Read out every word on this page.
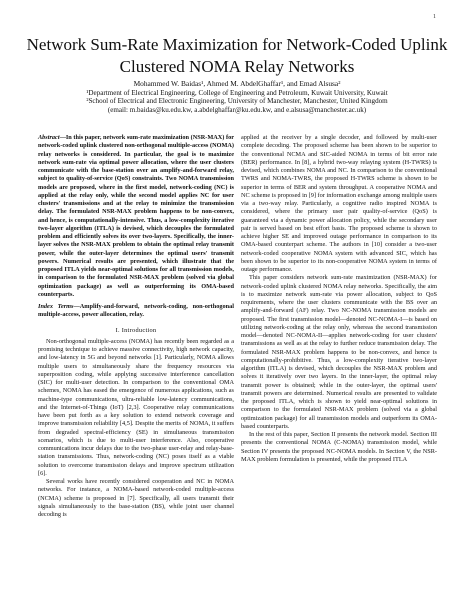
1
Network Sum-Rate Maximization for Network-Coded Uplink Clustered NOMA Relay Networks
Mohammed W. Baidas¹, Ahmed M. AbdelGhaffar¹, and Emad Alsusa²
¹Department of Electrical Engineering, College of Engineering and Petroleum, Kuwait University, Kuwait
²School of Electrical and Electronic Engineering, University of Manchester, Manchester, United Kingdom
(email: m.baidas@ku.edu.kw, a.abdelghaffar@ku.edu.kw, and e.alsusa@manchester.ac.uk)

Abstract—In this paper, network sum-rate maximization (NSR-MAX) for network-coded uplink clustered non-orthogonal multiple-access (NOMA) relay networks is considered. In particular, the goal is to maximize network sum-rate via optimal power allocation, where the user clusters communicate with the base-station over an amplify-and-forward relay, subject to quality-of-service (QoS) constraints. Two NOMA transmission models are proposed, where in the first model, network-coding (NC) is applied at the relay only, while the second model applies NC for user clusters' transmissions and at the relay to minimize the transmission delay. The formulated NSR-MAX problem happens to be non-convex, and hence, is computationally-intensive. Thus, a low-complexity iterative two-layer algorithm (ITLA) is devised, which decouples the formulated problem and efficiently solves its over two-layers. Specifically, the inner-layer solves the NSR-MAX problem to obtain the optimal relay transmit power, while the outer-layer determines the optimal users' transmit powers. Numerical results are presented, which illustrate that the proposed ITLA yields near-optimal solutions for all transmission models, in comparison to the formulated NSR-MAX problem (solved via global optimization package) as well as outperforming its OMA-based counterparts.

Index Terms—Amplify-and-forward, network-coding, non-orthogonal multiple-access, power allocation, relay.

I. Introduction

Non-orthogonal multiple-access (NOMA) has recently been regarded as a promising technique to achieve massive connectivity, high network capacity, and low-latency in 5G and beyond networks [1]. Particularly, NOMA allows multiple users to simultaneously share the frequency resources via superposition coding, while applying successive interference cancellation (SIC) for multi-user detection. In comparison to the conventional OMA schemes, NOMA has eased the emergence of numerous applications, such as machine-type communications, ultra-reliable low-latency communications, and the Internet-of-Things (IoT) [2,3]. Cooperative relay communications have been put forth as a key solution to extend network coverage and improve transmission reliability [4,5]. Despite the merits of NOMA, it suffers from degraded spectral-efficiency (SE) in simultaneous transmission scenarios, which is due to multi-user interference. Also, cooperative communications incur delays due to the two-phase user-relay and relay-base-station transmissions. Thus, network-coding (NC) poses itself as a viable solution to overcome transmission delays and improve spectrum utilization [6].

Several works have recently considered cooperation and NC in NOMA networks. For instance, a NOMA-based network-coded multiple-access (NCMA) scheme is proposed in [7]. Specifically, all users transmit their signals simultaneously to the base-station (BS), while joint user channel decoding is

applied at the receiver by a single decoder, and followed by multi-user complete decoding. The proposed scheme has been shown to be superior to the conventional NCMA and SIC-aided NOMA in terms of bit error rate (BER) performance. In [8], a hybrid two-way relaying system (H-TWRS) is devised, which combines NOMA and NC. In comparison to the conventional TWRS and NOMA-TWRS, the proposed H-TWRS scheme is shown to be superior in terms of BER and system throughput. A cooperative NOMA and NC scheme is proposed in [9] for information exchange among multiple users via a two-way relay. Particularly, a cognitive radio inspired NOMA is considered, where the primary user pair quality-of-service (QoS) is guaranteed via a dynamic power allocation policy, while the secondary user pair is served based on best effort basis. The proposed scheme is shown to achieve higher SE and improved outage performance in comparison to its OMA-based counterpart scheme. The authors in [10] consider a two-user network-coded cooperative NOMA system with advanced SIC, which has been shown to be superior to its non-cooperative NOMA system in terms of outage performance.

This paper considers network sum-rate maximization (NSR-MAX) for network-coded uplink clustered NOMA relay networks. Specifically, the aim is to maximize network sum-rate via power allocation, subject to QoS requirements, where the user clusters communicate with the BS over an amplify-and-forward (AF) relay. Two NC-NOMA transmission models are proposed. The first transmission model—denoted NC-NOMA-I—is based on utilizing network-coding at the relay only, whereas the second transmission model—denoted NC-NOMA-II—applies network-coding for user clusters' transmissions as well as at the relay to further reduce transmission delay. The formulated NSR-MAX problem happens to be non-convex, and hence is computationally-prohibitive. Thus, a low-complexity iterative two-layer algorithm (ITLA) is devised, which decouples the NSR-MAX problem and solves it iteratively over two layers. In the inner-layer, the optimal relay transmit power is obtained; while in the outer-layer, the optimal users' transmit powers are determined. Numerical results are presented to validate the proposed ITLA, which is shown to yield near-optimal solutions in comparison to the formulated NSR-MAX problem (solved via a global optimization package) for all transmission models and outperform its OMA-based counterparts.

In the rest of this paper, Section II presents the network model. Section III presents the conventional NOMA (C-NOMA) transmission model, while Section IV presents the proposed NC-NOMA models. In Section V, the NSR-MAX problem formulation is presented, while the proposed ITLA
